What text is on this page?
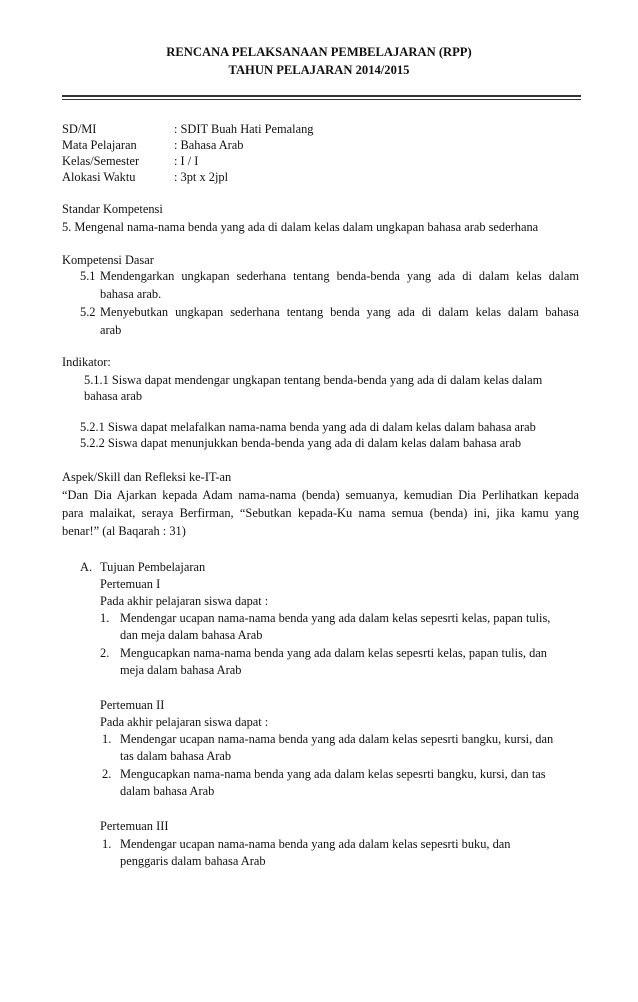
RENCANA PELAKSANAAN PEMBELAJARAN (RPP)
TAHUN PELAJARAN 2014/2015
SD/MI	: SDIT Buah Hati Pemalang
Mata Pelajaran	: Bahasa Arab
Kelas/Semester	: I / I
Alokasi Waktu	: 3pt x 2jpl
Standar Kompetensi
5. Mengenal nama-nama benda yang ada di dalam kelas dalam ungkapan bahasa arab sederhana
Kompetensi Dasar
5.1 Mendengarkan ungkapan sederhana tentang benda-benda yang ada di dalam kelas dalam
bahasa arab.
5.2 Menyebutkan ungkapan sederhana tentang benda yang ada di dalam kelas dalam bahasa
arab
Indikator:
5.1.1 Siswa dapat mendengar ungkapan tentang benda-benda yang ada di dalam kelas dalam
bahasa arab
5.2.1 Siswa dapat melafalkan nama-nama benda yang ada di dalam kelas dalam bahasa arab
5.2.2 Siswa dapat menunjukkan benda-benda yang ada di dalam kelas dalam bahasa arab
Aspek/Skill dan Refleksi ke-IT-an
“Dan Dia Ajarkan kepada Adam nama-nama (benda) semuanya, kemudian Dia Perlihatkan kepada
para malaikat, seraya Berfirman, “Sebutkan kepada-Ku nama semua (benda) ini, jika kamu yang
benar!” (al Baqarah : 31)
A. Tujuan Pembelajaran
Pertemuan I
Pada akhir pelajaran siswa dapat :
1. Mendengar ucapan nama-nama benda yang ada dalam kelas sepesrti kelas, papan tulis,
dan meja dalam bahasa Arab
2. Mengucapkan nama-nama benda yang ada dalam kelas sepesrti kelas, papan tulis, dan
meja dalam bahasa Arab
Pertemuan II
Pada akhir pelajaran siswa dapat :
1. Mendengar ucapan nama-nama benda yang ada dalam kelas sepesrti bangku, kursi, dan
tas dalam bahasa Arab
2. Mengucapkan nama-nama benda yang ada dalam kelas sepesrti bangku, kursi, dan tas
dalam bahasa Arab
Pertemuan III
1. Mendengar ucapan nama-nama benda yang ada dalam kelas sepesrti buku, dan
penggaris dalam bahasa Arab
